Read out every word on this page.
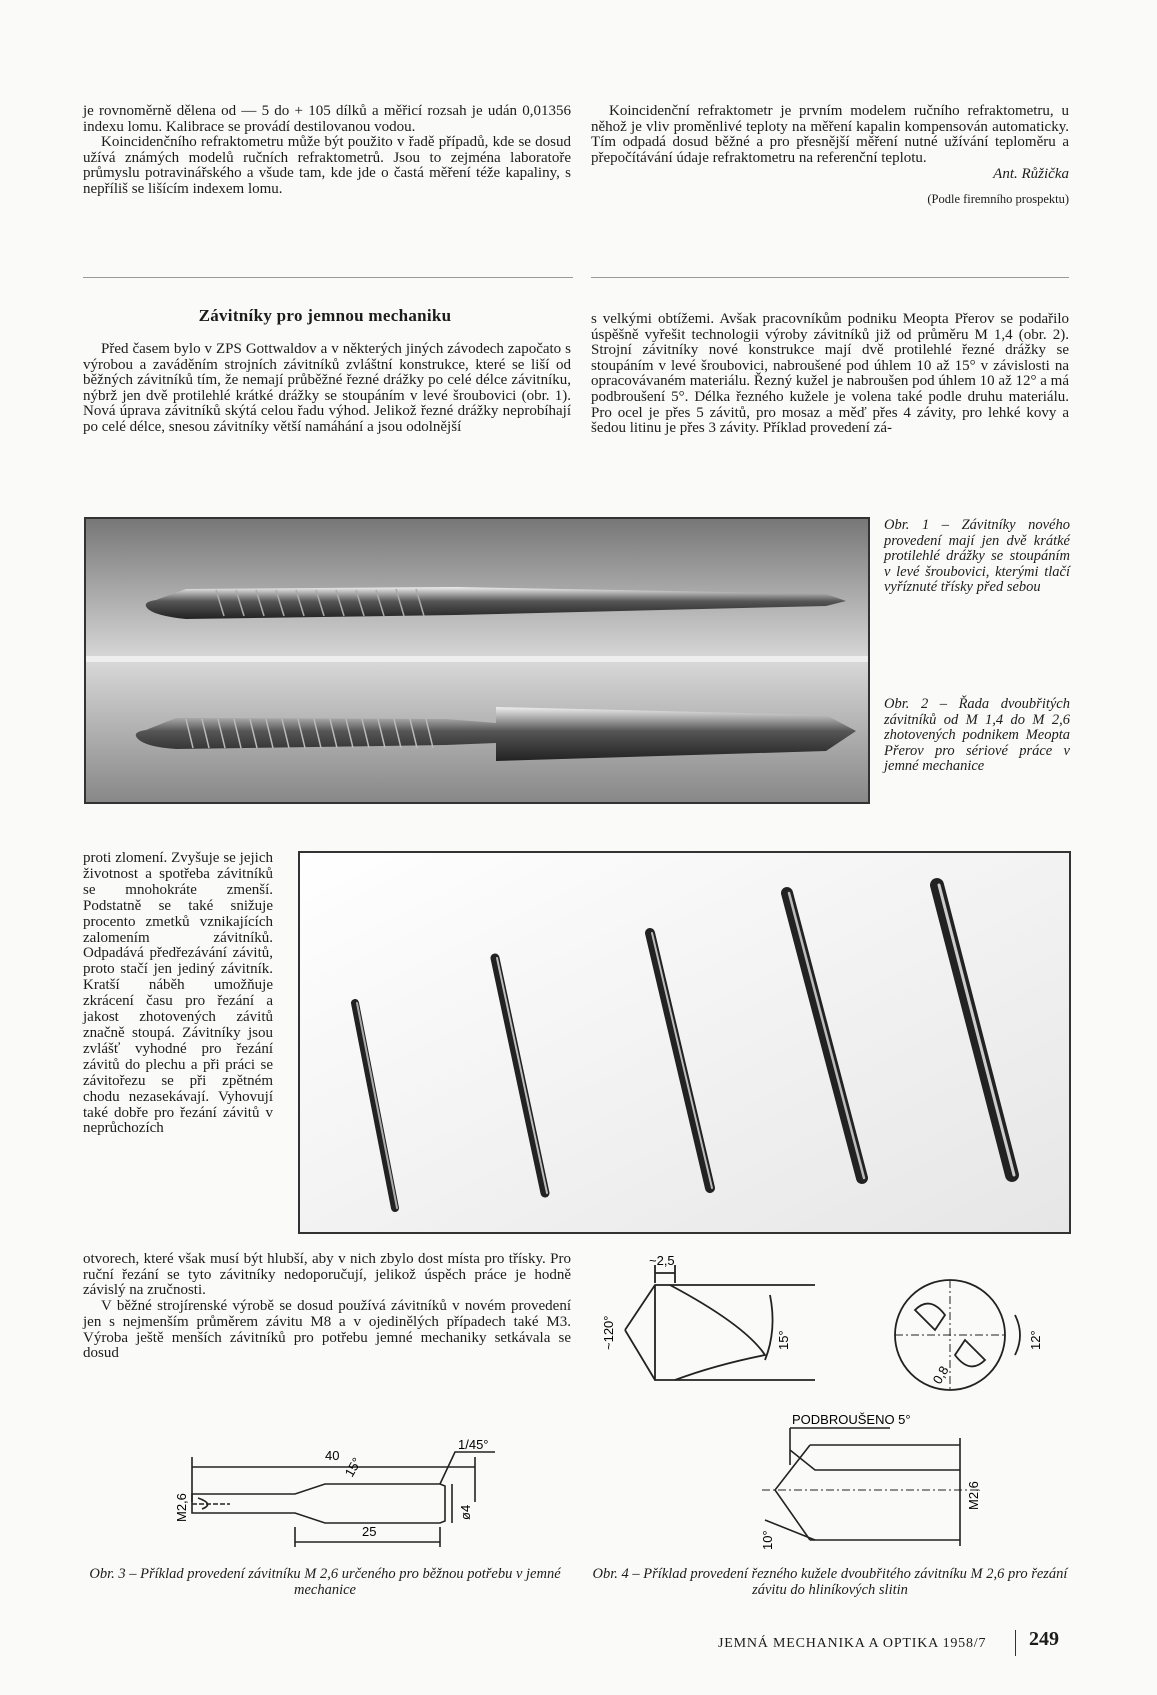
je rovnoměrně dělena od — 5 do + 105 dílků a měřicí rozsah je udán 0,01356 indexu lomu. Kalibrace se provádí destilovanou vodou.

Koincidenčního refraktometru může být použito v řadě případů, kde se dosud užívá známých modelů ručních refraktometrů. Jsou to zejména laboratoře průmyslu potravinářského a všude tam, kde jde o častá měření téže kapaliny, s nepříliš se lišícím indexem lomu.

Koincidenční refraktometr je prvním modelem ručního refraktometru, u něhož je vliv proměnlivé teploty na měření kapalin kompensován automaticky. Tím odpadá dosud běžné a pro přesnější měření nutné užívání teploměru a přepočítávání údaje refraktometru na referenční teplotu.

Ant. Růžička
(Podle firemního prospektu)
Závitníky pro jemnou mechaniku

Před časem bylo v ZPS Gottwaldov a v některých jiných závodech započato s výrobou a zaváděním strojních závitníků zvláštní konstrukce, které se liší od běžných závitníků tím, že nemají průběžné řezné drážky po celé délce závitníku, nýbrž jen dvě protilehlé krátké drážky se stoupáním v levé šroubovici (obr. 1). Nová úprava závitníků skýtá celou řadu výhod. Jelikož řezné drážky neprobíhají po celé délce, snesou závitníky větší namáhání a jsou odolnější

s velkými obtížemi. Avšak pracovníkům podniku Meopta Přerov se podařilo úspěšně vyřešit technologii výroby závitníků již od průměru M 1,4 (obr. 2). Strojní závitníky nové konstrukce mají dvě protilehlé řezné drážky se stoupáním v levé šroubovici, nabroušené pod úhlem 10 až 15° v závislosti na opracovávaném materiálu. Řezný kužel je nabroušen pod úhlem 10 až 12° a má podbroušení 5°. Délka řezného kužele je volena také podle druhu materiálu. Pro ocel je přes 5 závitů, pro mosaz a měď přes 4 závity, pro lehké kovy a šedou litinu je přes 3 závity. Příklad provedení zá-

Obr. 1 – Závitníky nového provedení mají jen dvě krátké protilehlé drážky se stoupáním v levé šroubovici, kterými tlačí vyříznuté třísky před sebou
Obr. 2 – Řada dvoubřitých závitníků od M 1,4 do M 2,6 zhotovených podnikem Meopta Přerov pro sériové práce v jemné mechanice

proti zlomení. Zvyšuje se jejich životnost a spotřeba závitníků se mnohokráte zmenší. Podstatně se také snižuje procento zmetků vznikajících zalomením závitníků. Odpadává předřezávání závitů, proto stačí jen jediný závitník. Kratší náběh umožňuje zkrácení času pro řezání a jakost zhotovených závitů značně stoupá. Závitníky jsou zvlášť vyhodné pro řezání závitů do plechu a při práci se závitořezu se při zpětném chodu nezasekávají. Vyhovují také dobře pro řezání závitů v neprůchozích

otvorech, které však musí být hlubší, aby v nich zbylo dost místa pro třísky. Pro ruční řezání se tyto závitníky nedoporučují, jelikož úspěch práce je hodně závislý na zručnosti.

V běžné strojírenské výrobě se dosud používá závitníků v novém provedení jen s nejmenším průměrem závitu M8 a v ojedinělých případech také M3. Výroba ještě menších závitníků pro potřebu jemné mechaniky setkávala se dosud

~2,5
~120°	15°	12°
0,8
40
25
1/45°
15°
M2,6	ø4
PODBROUŠENO 5°
M2,6
10°
Obr. 3 – Příklad provedení závitníku M 2,6 určeného pro běžnou potřebu v jemné mechanice
Obr. 4 – Příklad provedení řezného kužele dvoubřitého závitníku M 2,6 pro řezání závitu do hliníkových slitin
JEMNÁ MECHANIKA A OPTIKA 1958/7 249
